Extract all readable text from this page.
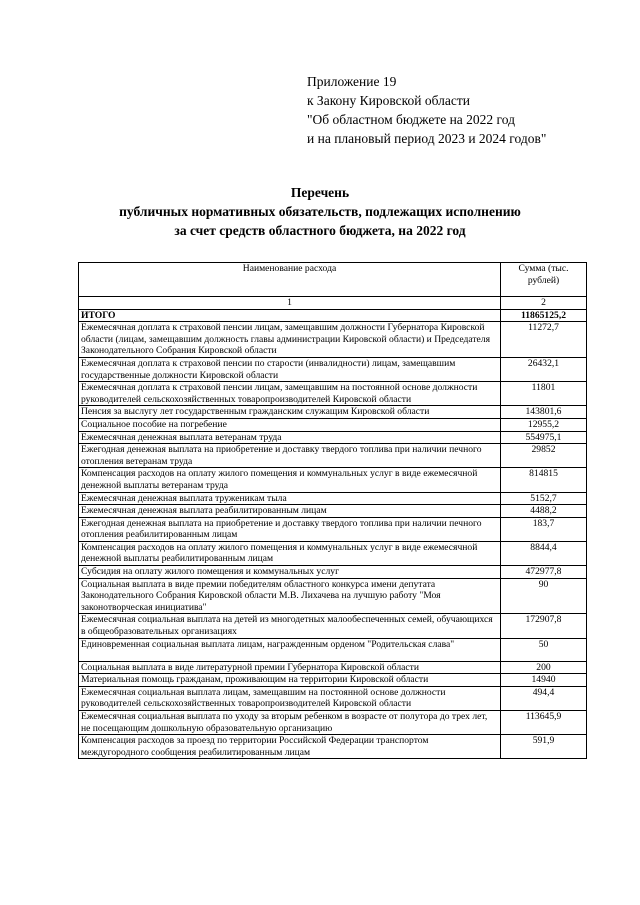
Приложение 19
к Закону Кировской области
"Об областном бюджете на 2022 год
и на плановый период 2023 и 2024 годов"
Перечень
публичных нормативных обязательств, подлежащих исполнению
за счет средств областного бюджета, на 2022 год
Наименование расхода	Сумма (тыс. рублей)
1	2
ИТОГО	11865125,2
Ежемесячная доплата к страховой пенсии лицам, замещавшим должности Губернатора Кировской области (лицам, замещавшим должность главы администрации Кировской области) и Председателя Законодательного Собрания Кировской области	11272,7
Ежемесячная доплата к страховой пенсии по старости (инвалидности) лицам, замещавшим государственные должности Кировской области	26432,1
Ежемесячная доплата к страховой пенсии лицам, замещавшим на постоянной основе должности руководителей сельскохозяйственных товаропроизводителей Кировской области	11801
Пенсия за выслугу лет государственным гражданским служащим Кировской области	143801,6
Социальное пособие на погребение	12955,2
Ежемесячная денежная выплата ветеранам труда	554975,1
Ежегодная денежная выплата на приобретение и доставку твердого топлива при наличии печного отопления ветеранам труда	29852
Компенсация расходов на оплату жилого помещения и коммунальных услуг в виде ежемесячной денежной выплаты ветеранам труда	814815
Ежемесячная денежная выплата труженикам тыла	5152,7
Ежемесячная денежная выплата реабилитированным лицам	4488,2
Ежегодная денежная выплата на приобретение и доставку твердого топлива при наличии печного отопления реабилитированным лицам	183,7
Компенсация расходов на оплату жилого помещения и коммунальных услуг в виде ежемесячной денежной выплаты реабилитированным лицам	8844,4
Субсидия на оплату жилого помещения и коммунальных услуг	472977,8
Социальная выплата в виде премии победителям областного конкурса имени депутата Законодательного Собрания Кировской области М.В. Лихачева на лучшую работу "Моя законотворческая инициатива"	90
Ежемесячная социальная выплата на детей из многодетных малообеспеченных семей, обучающихся в общеобразовательных организациях	172907,8
Единовременная социальная выплата лицам, награжденным орденом "Родительская слава"	50
Социальная выплата в виде литературной премии Губернатора Кировской области	200
Материальная помощь гражданам, проживающим на территории Кировской области	14940
Ежемесячная социальная выплата лицам, замещавшим на постоянной основе должности руководителей сельскохозяйственных товаропроизводителей Кировской области	494,4
Ежемесячная социальная выплата по уходу за вторым ребенком в возрасте от полутора до трех лет, не посещающим дошкольную образовательную организацию	113645,9
Компенсация расходов за проезд по территории Российской Федерации транспортом междугородного сообщения реабилитированным лицам	591,9
